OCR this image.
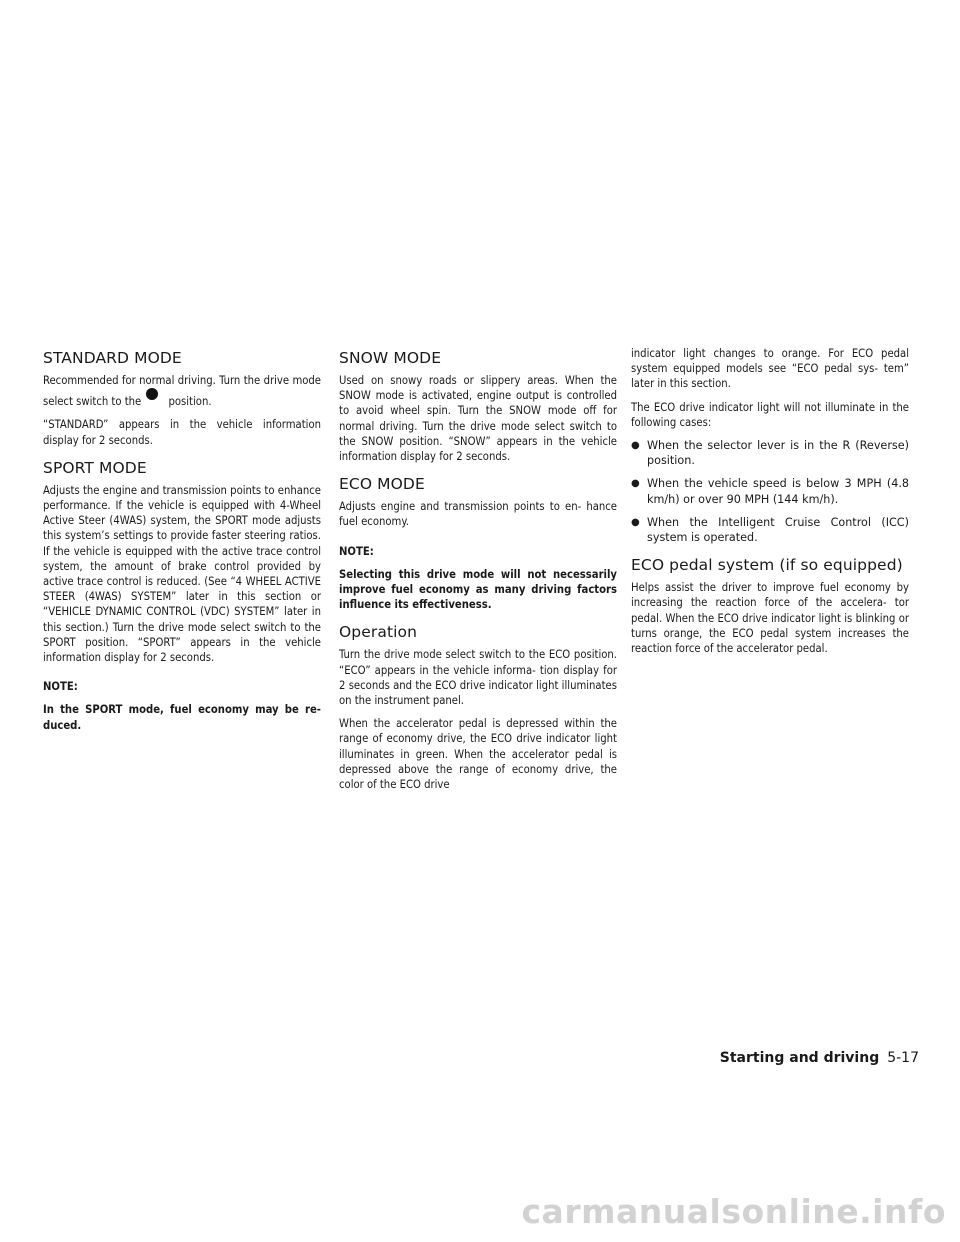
STANDARD MODE

Recommended for normal driving. Turn the drive mode select switch to the position.

“STANDARD” appears in the vehicle information display for 2 seconds.

SPORT MODE

Adjusts the engine and transmission points to enhance performance. If the vehicle is equipped with 4-Wheel Active Steer (4WAS) system, the SPORT mode adjusts this system’s settings to provide faster steering ratios. If the vehicle is equipped with the active trace control system, the amount of brake control provided by active trace control is reduced. (See “4 WHEEL ACTIVE STEER (4WAS) SYSTEM” later in this section or “VEHICLE DYNAMIC CONTROL (VDC) SYSTEM” later in this section.) Turn the drive mode select switch to the SPORT position. “SPORT” appears in the vehicle information display for 2 seconds.

NOTE:

In the SPORT mode, fuel economy may be re- duced.

SNOW MODE

Used on snowy roads or slippery areas. When the SNOW mode is activated, engine output is controlled to avoid wheel spin. Turn the SNOW mode off for normal driving. Turn the drive mode select switch to the SNOW position. “SNOW” appears in the vehicle information display for 2 seconds.

ECO MODE

Adjusts engine and transmission points to en- hance fuel economy.

NOTE:

Selecting this drive mode will not necessarily improve fuel economy as many driving factors influence its effectiveness.

Operation

Turn the drive mode select switch to the ECO position. “ECO” appears in the vehicle informa- tion display for 2 seconds and the ECO drive indicator light illuminates on the instrument panel.

When the accelerator pedal is depressed within the range of economy drive, the ECO drive indicator light illuminates in green. When the accelerator pedal is depressed above the range of economy drive, the color of the ECO drive

indicator light changes to orange. For ECO pedal system equipped models see “ECO pedal sys- tem” later in this section.

The ECO drive indicator light will not illuminate in the following cases:

● When the selector lever is in the R (Reverse) position.
● When the vehicle speed is below 3 MPH (4.8 km/h) or over 90 MPH (144 km/h).
● When the Intelligent Cruise Control (ICC) system is operated.
ECO pedal system (if so equipped)

Helps assist the driver to improve fuel economy by increasing the reaction force of the accelera- tor pedal. When the ECO drive indicator light is blinking or turns orange, the ECO pedal system increases the reaction force of the accelerator pedal.

Starting and driving 5-17
carmanualsonline.info
